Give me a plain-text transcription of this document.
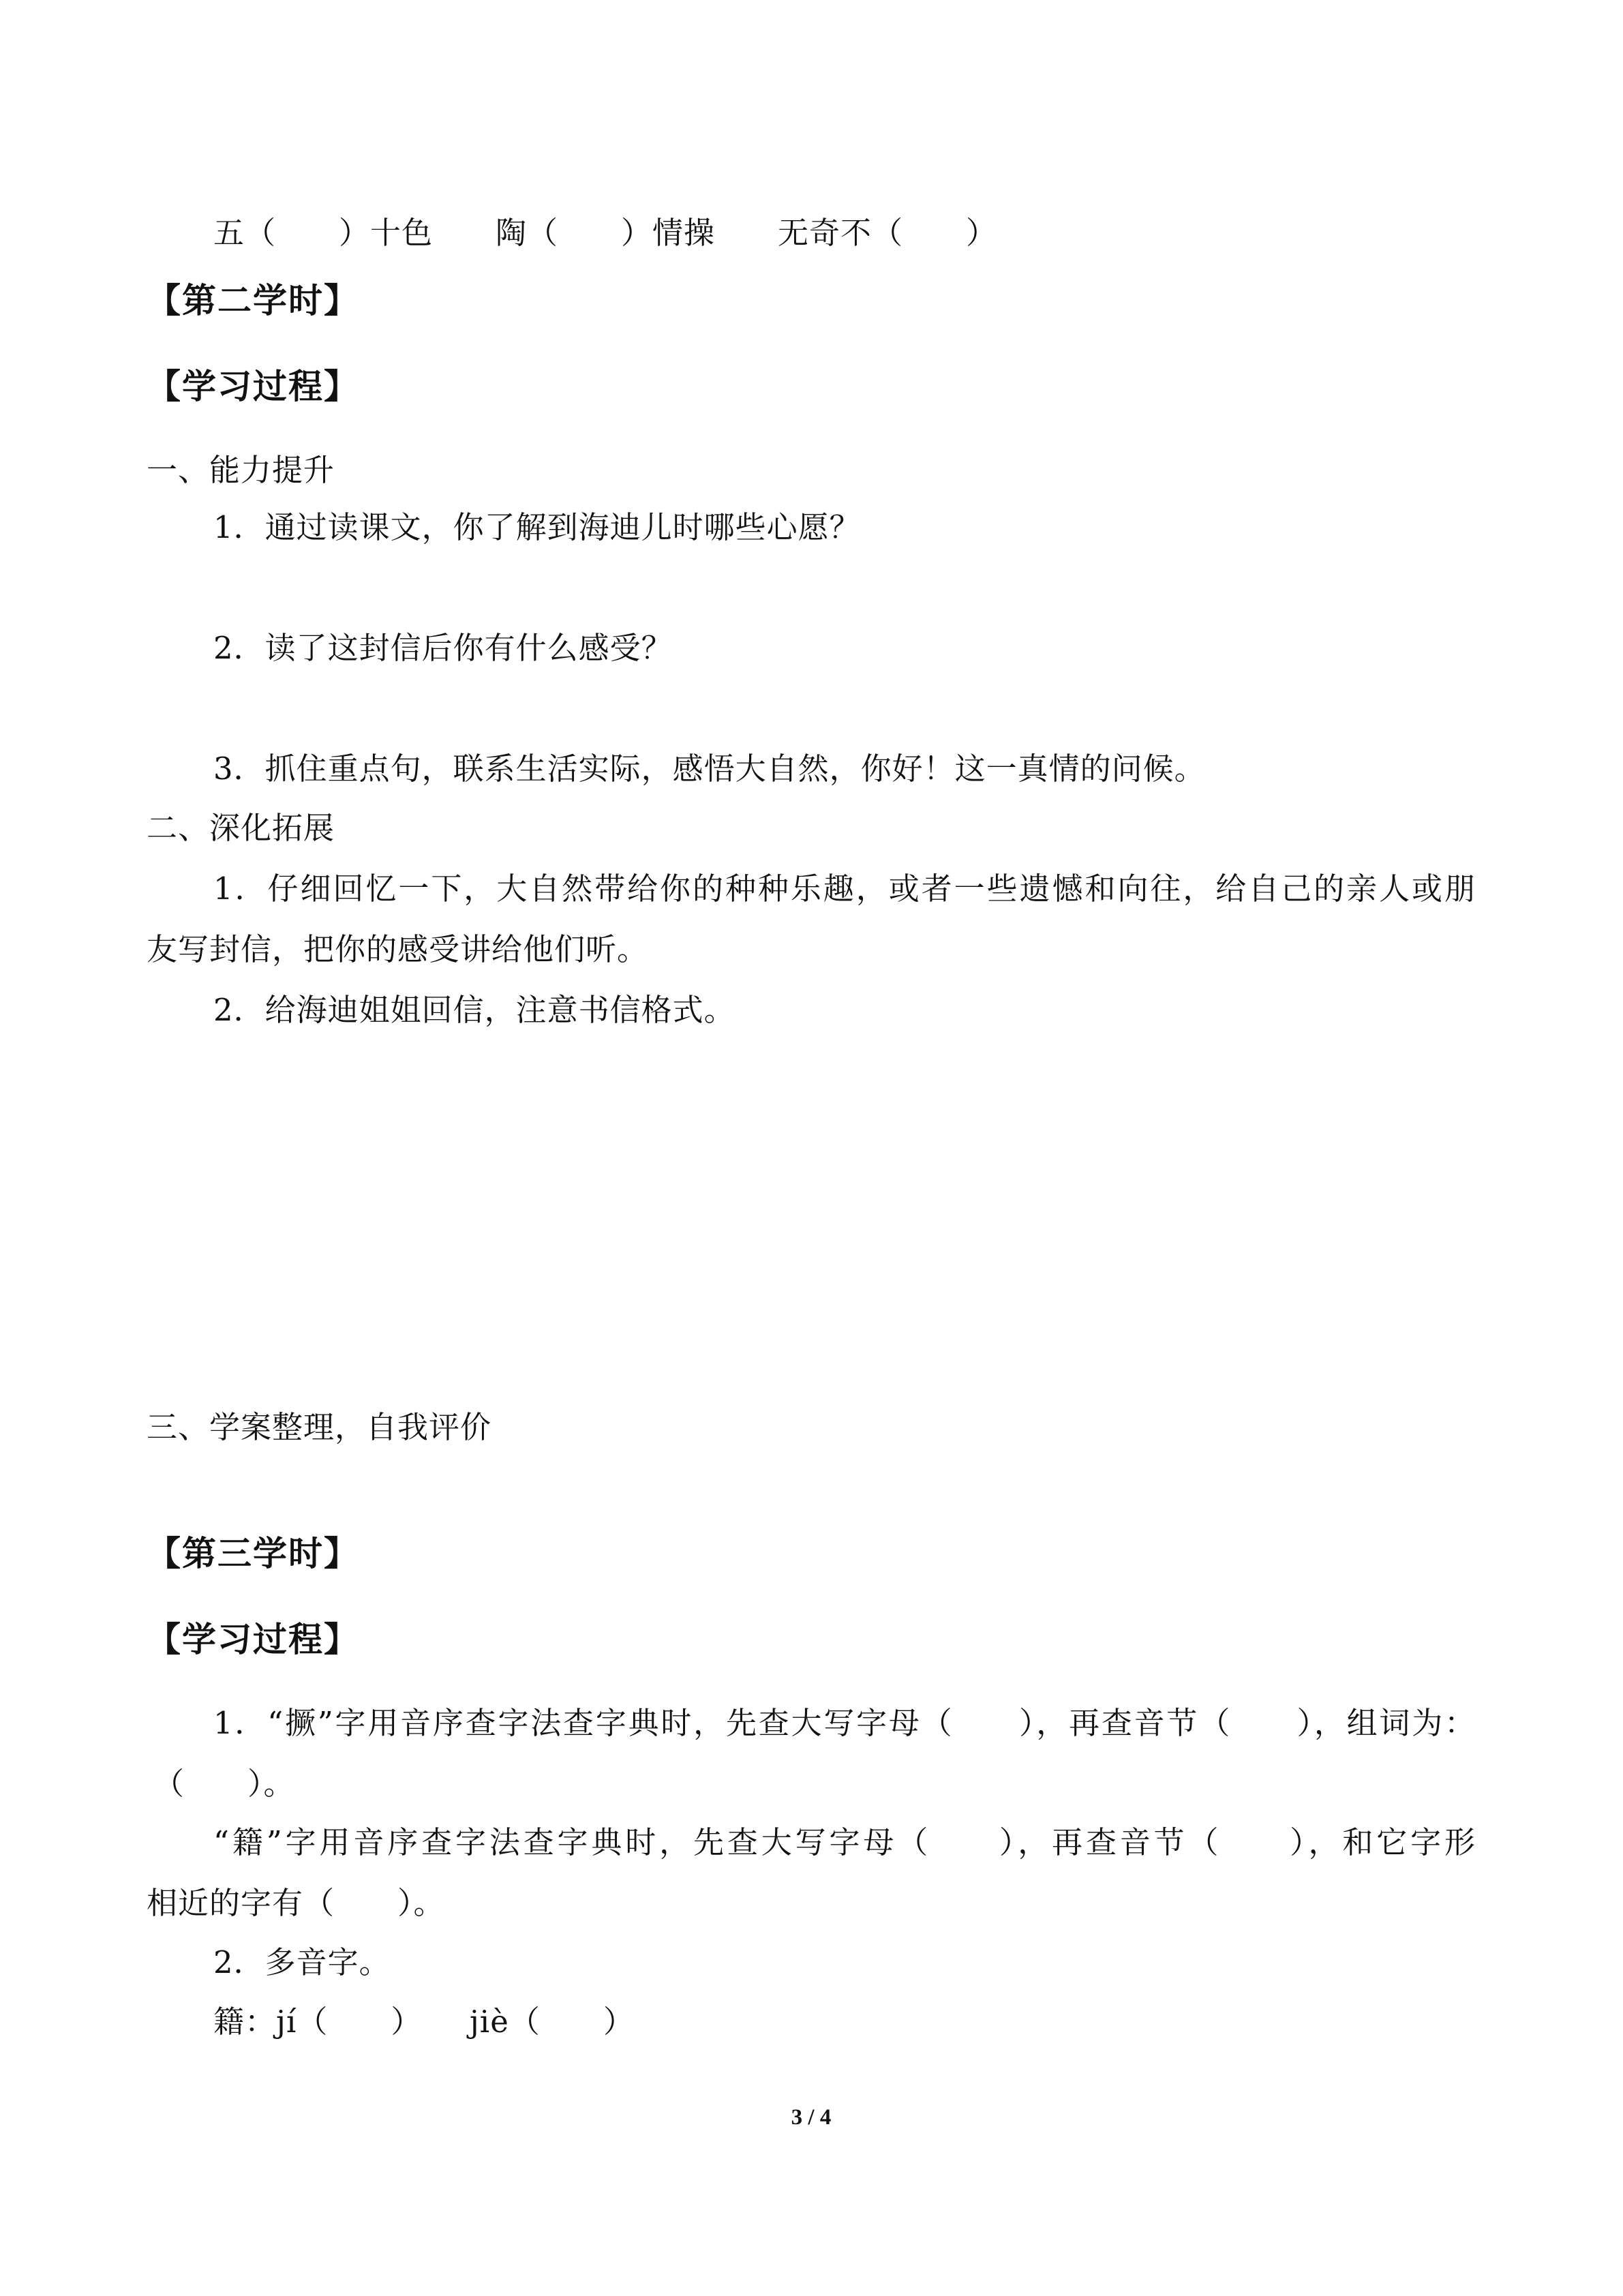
五（　　）十色　　陶（　　）情操　　无奇不（　　）
【第二学时】
【学习过程】
一、能力提升
1．通过读课文，你了解到海迪儿时哪些心愿？
2．读了这封信后你有什么感受？
3．抓住重点句，联系生活实际，感悟大自然，你好！这一真情的问候。
二、深化拓展
1．仔细回忆一下，大自然带给你的种种乐趣，或者一些遗憾和向往，给自己的亲人或朋
友写封信，把你的感受讲给他们听。
2．给海迪姐姐回信，注意书信格式。
三、学案整理，自我评价
【第三学时】
【学习过程】
1．“撅”字用音序查字法查字典时，先查大写字母（　　），再查音节（　　），组词为：
（　　）。
“籍”字用音序查字法查字典时，先查大写字母（　　），再查音节（　　），和它字形
相近的字有（　　）。
2．多音字。
籍：jí（　　）　　jiè（　　）
3 / 4
